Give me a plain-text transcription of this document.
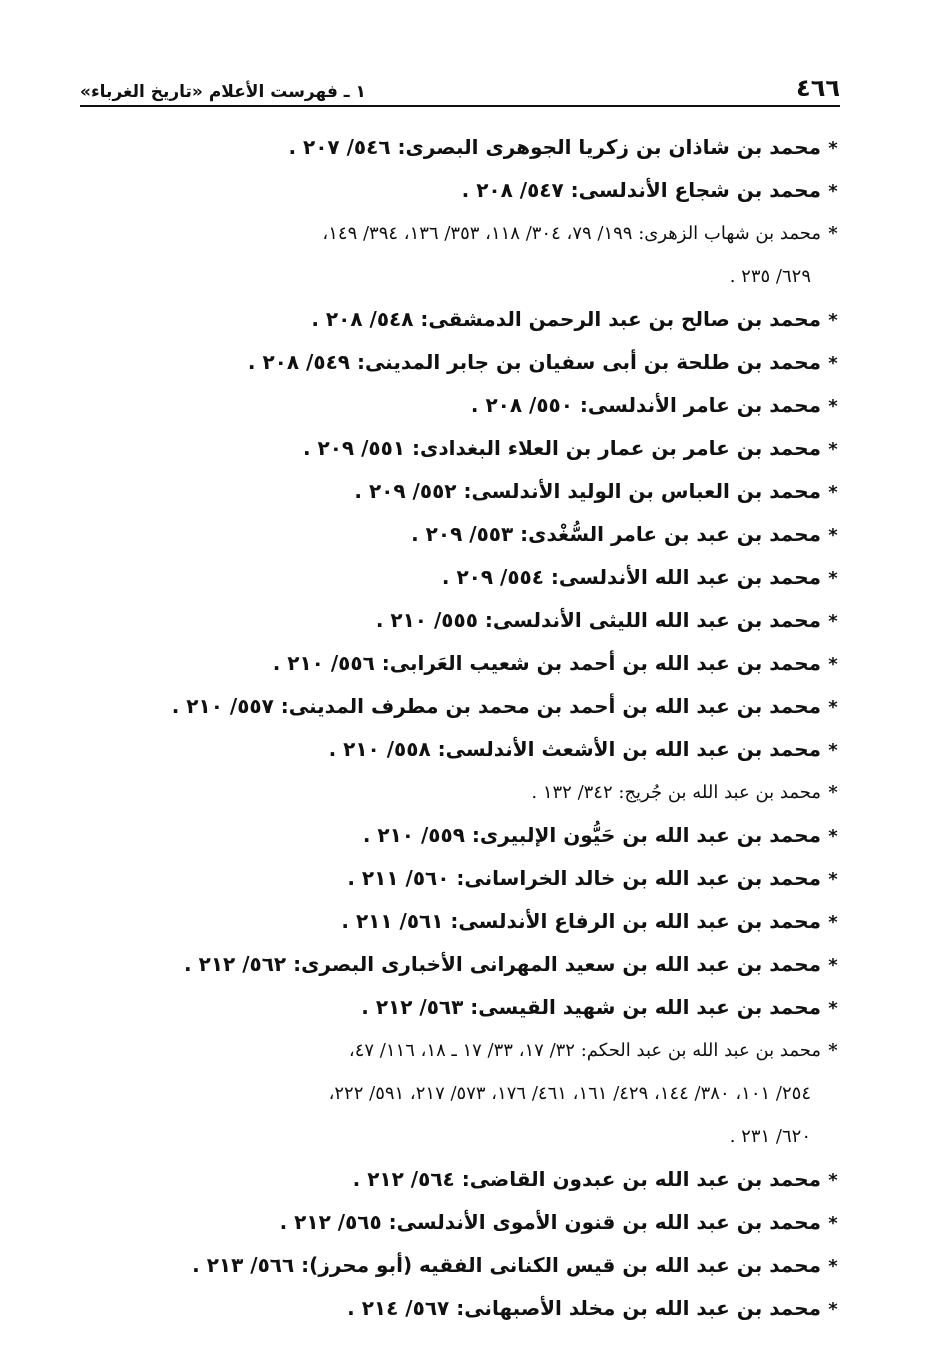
٤٦٦
١ ـ فهرست الأعلام «تاريخ الغرباء»
*محمد بن شاذان بن زكريا الجوهرى البصرى: ٥٤٦/ ٢٠٧ .
*محمد بن شجاع الأندلسى: ٥٤٧/ ٢٠٨ .
*محمد بن شهاب الزهرى: ١٩٩/ ٧٩، ٣٠٤/ ١١٨، ٣٥٣/ ١٣٦، ٣٩٤/ ١٤٩،
٦٢٩/ ٢٣٥ .
*محمد بن صالح بن عبد الرحمن الدمشقى: ٥٤٨/ ٢٠٨ .
*محمد بن طلحة بن أبى سفيان بن جابر المدينى: ٥٤٩/ ٢٠٨ .
*محمد بن عامر الأندلسى: ٥٥٠/ ٢٠٨ .
*محمد بن عامر بن عمار بن العلاء البغدادى: ٥٥١/ ٢٠٩ .
*محمد بن العباس بن الوليد الأندلسى: ٥٥٢/ ٢٠٩ .
*محمد بن عبد بن عامر السُّغْدى: ٥٥٣/ ٢٠٩ .
*محمد بن عبد الله الأندلسى: ٥٥٤/ ٢٠٩ .
*محمد بن عبد الله الليثى الأندلسى: ٥٥٥/ ٢١٠ .
*محمد بن عبد الله بن أحمد بن شعيب العَرابى: ٥٥٦/ ٢١٠ .
*محمد بن عبد الله بن أحمد بن محمد بن مطرف المدينى: ٥٥٧/ ٢١٠ .
*محمد بن عبد الله بن الأشعث الأندلسى: ٥٥٨/ ٢١٠ .
*محمد بن عبد الله بن جُريج: ٣٤٢/ ١٣٢ .
*محمد بن عبد الله بن حَيُّون الإلبيرى: ٥٥٩/ ٢١٠ .
*محمد بن عبد الله بن خالد الخراسانى: ٥٦٠/ ٢١١ .
*محمد بن عبد الله بن الرفاع الأندلسى: ٥٦١/ ٢١١ .
*محمد بن عبد الله بن سعيد المهرانى الأخبارى البصرى: ٥٦٢/ ٢١٢ .
*محمد بن عبد الله بن شهيد القيسى: ٥٦٣/ ٢١٢ .
*محمد بن عبد الله بن عبد الحكم: ٣٢/ ١٧، ٣٣/ ١٧ ـ ١٨، ١١٦/ ٤٧،
٢٥٤/ ١٠١، ٣٨٠/ ١٤٤، ٤٢٩/ ١٦١، ٤٦١/ ١٧٦، ٥٧٣/ ٢١٧، ٥٩١/ ٢٢٢،
٦٢٠/ ٢٣١ .
*محمد بن عبد الله بن عبدون القاضى: ٥٦٤/ ٢١٢ .
*محمد بن عبد الله بن قنون الأموى الأندلسى: ٥٦٥/ ٢١٢ .
*محمد بن عبد الله بن قيس الكنانى الفقيه (أبو محرز): ٥٦٦/ ٢١٣ .
*محمد بن عبد الله بن مخلد الأصبهانى: ٥٦٧/ ٢١٤ .
